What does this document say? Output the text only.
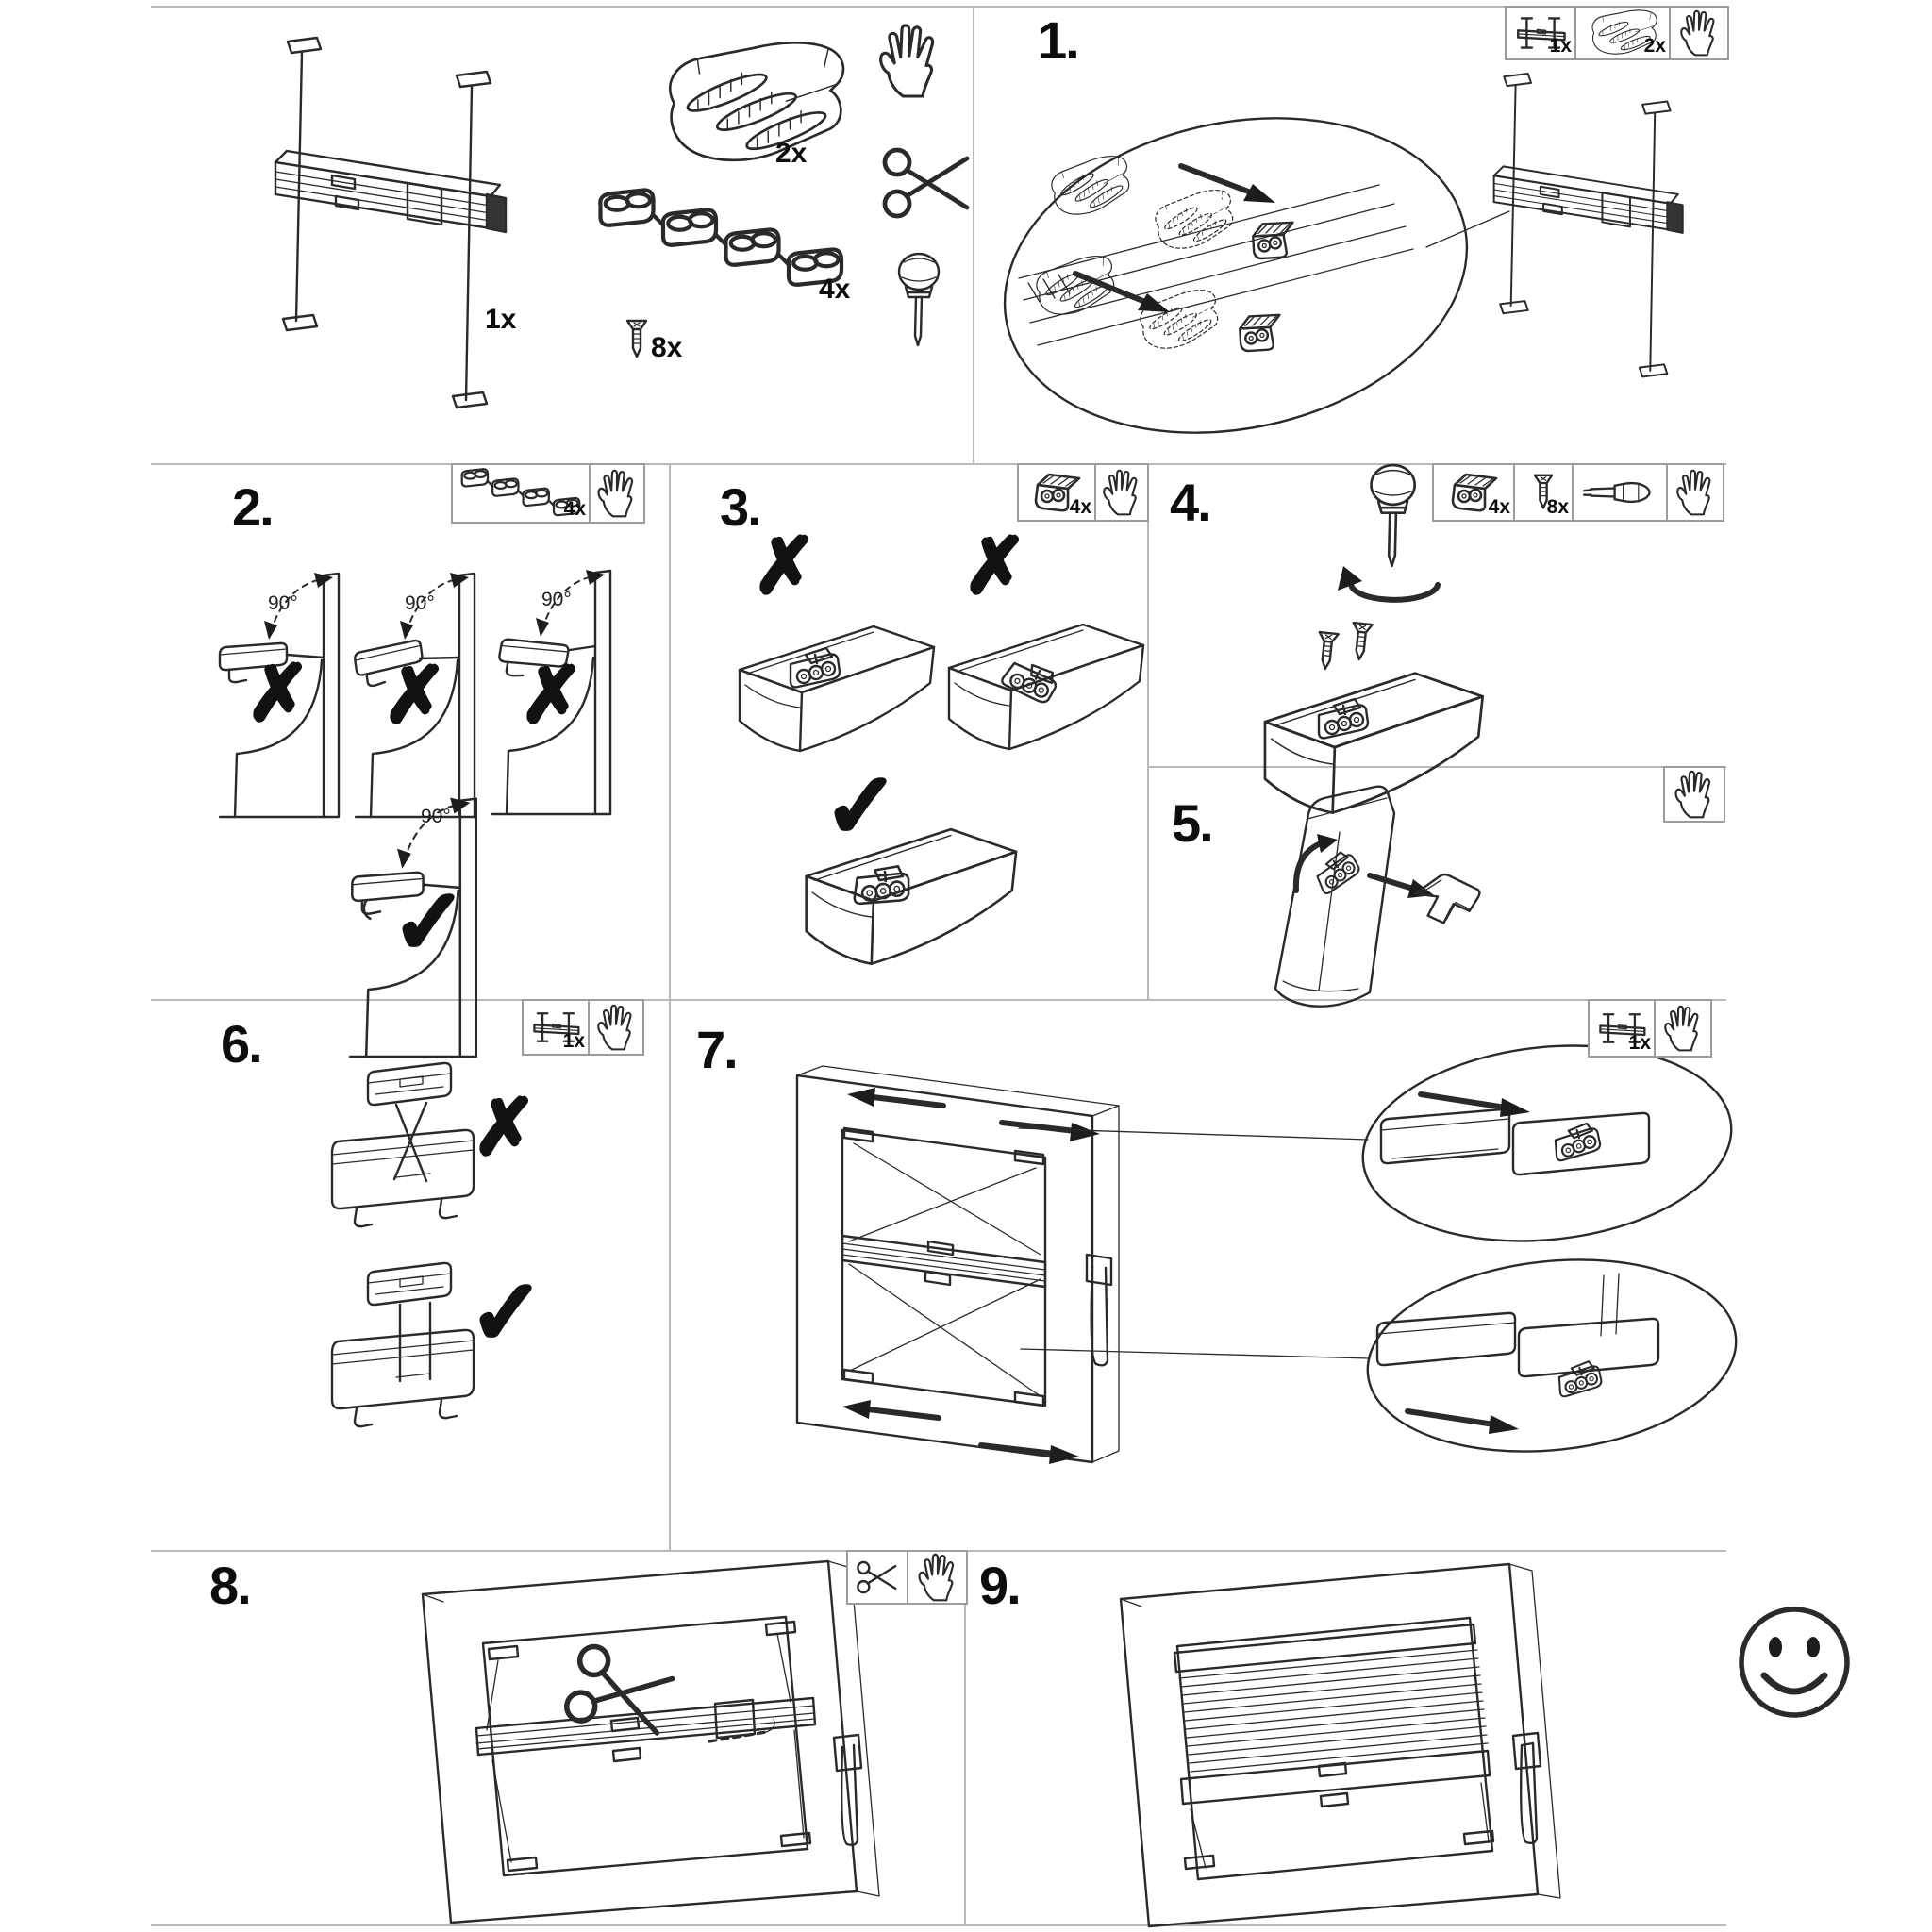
1.
2.	3.	4.
5.
6.	7.
8.	9.
1x
2x
4x
8x
90°	90°	90°
90°
✗ ✗ ✗
✓
✗ ✗
✓
✗
✓
1x	2x
4x	4x	4x 8x
1x	1x
